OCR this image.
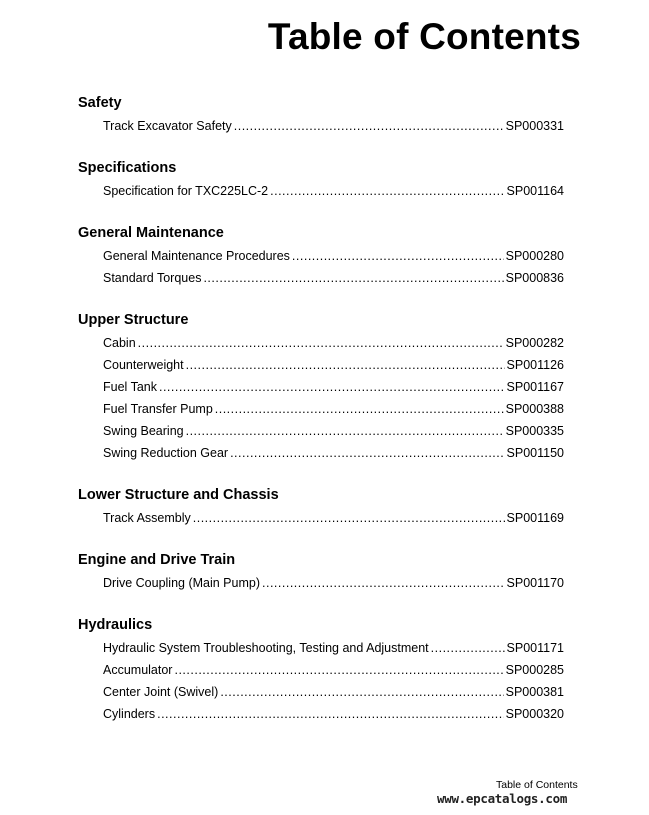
Table of Contents
Safety
Track Excavator Safety .....	SP000331
Specifications
Specification for TXC225LC-2 .....	SP001164
General Maintenance
General Maintenance Procedures .....	SP000280
Standard Torques .....	SP000836
Upper Structure
Cabin .....	SP000282
Counterweight .....	SP001126
Fuel Tank .....	SP001167
Fuel Transfer Pump .....	SP000388
Swing Bearing .....	SP000335
Swing Reduction Gear .....	SP001150
Lower Structure and Chassis
Track Assembly .....	SP001169
Engine and Drive Train
Drive Coupling (Main Pump) .....	SP001170
Hydraulics
Hydraulic System Troubleshooting, Testing and Adjustment .....	SP001171
Accumulator .....	SP000285
Center Joint (Swivel) .....	SP000381
Cylinders .....	SP000320
Table of Contents
www.epcatalogs.com
